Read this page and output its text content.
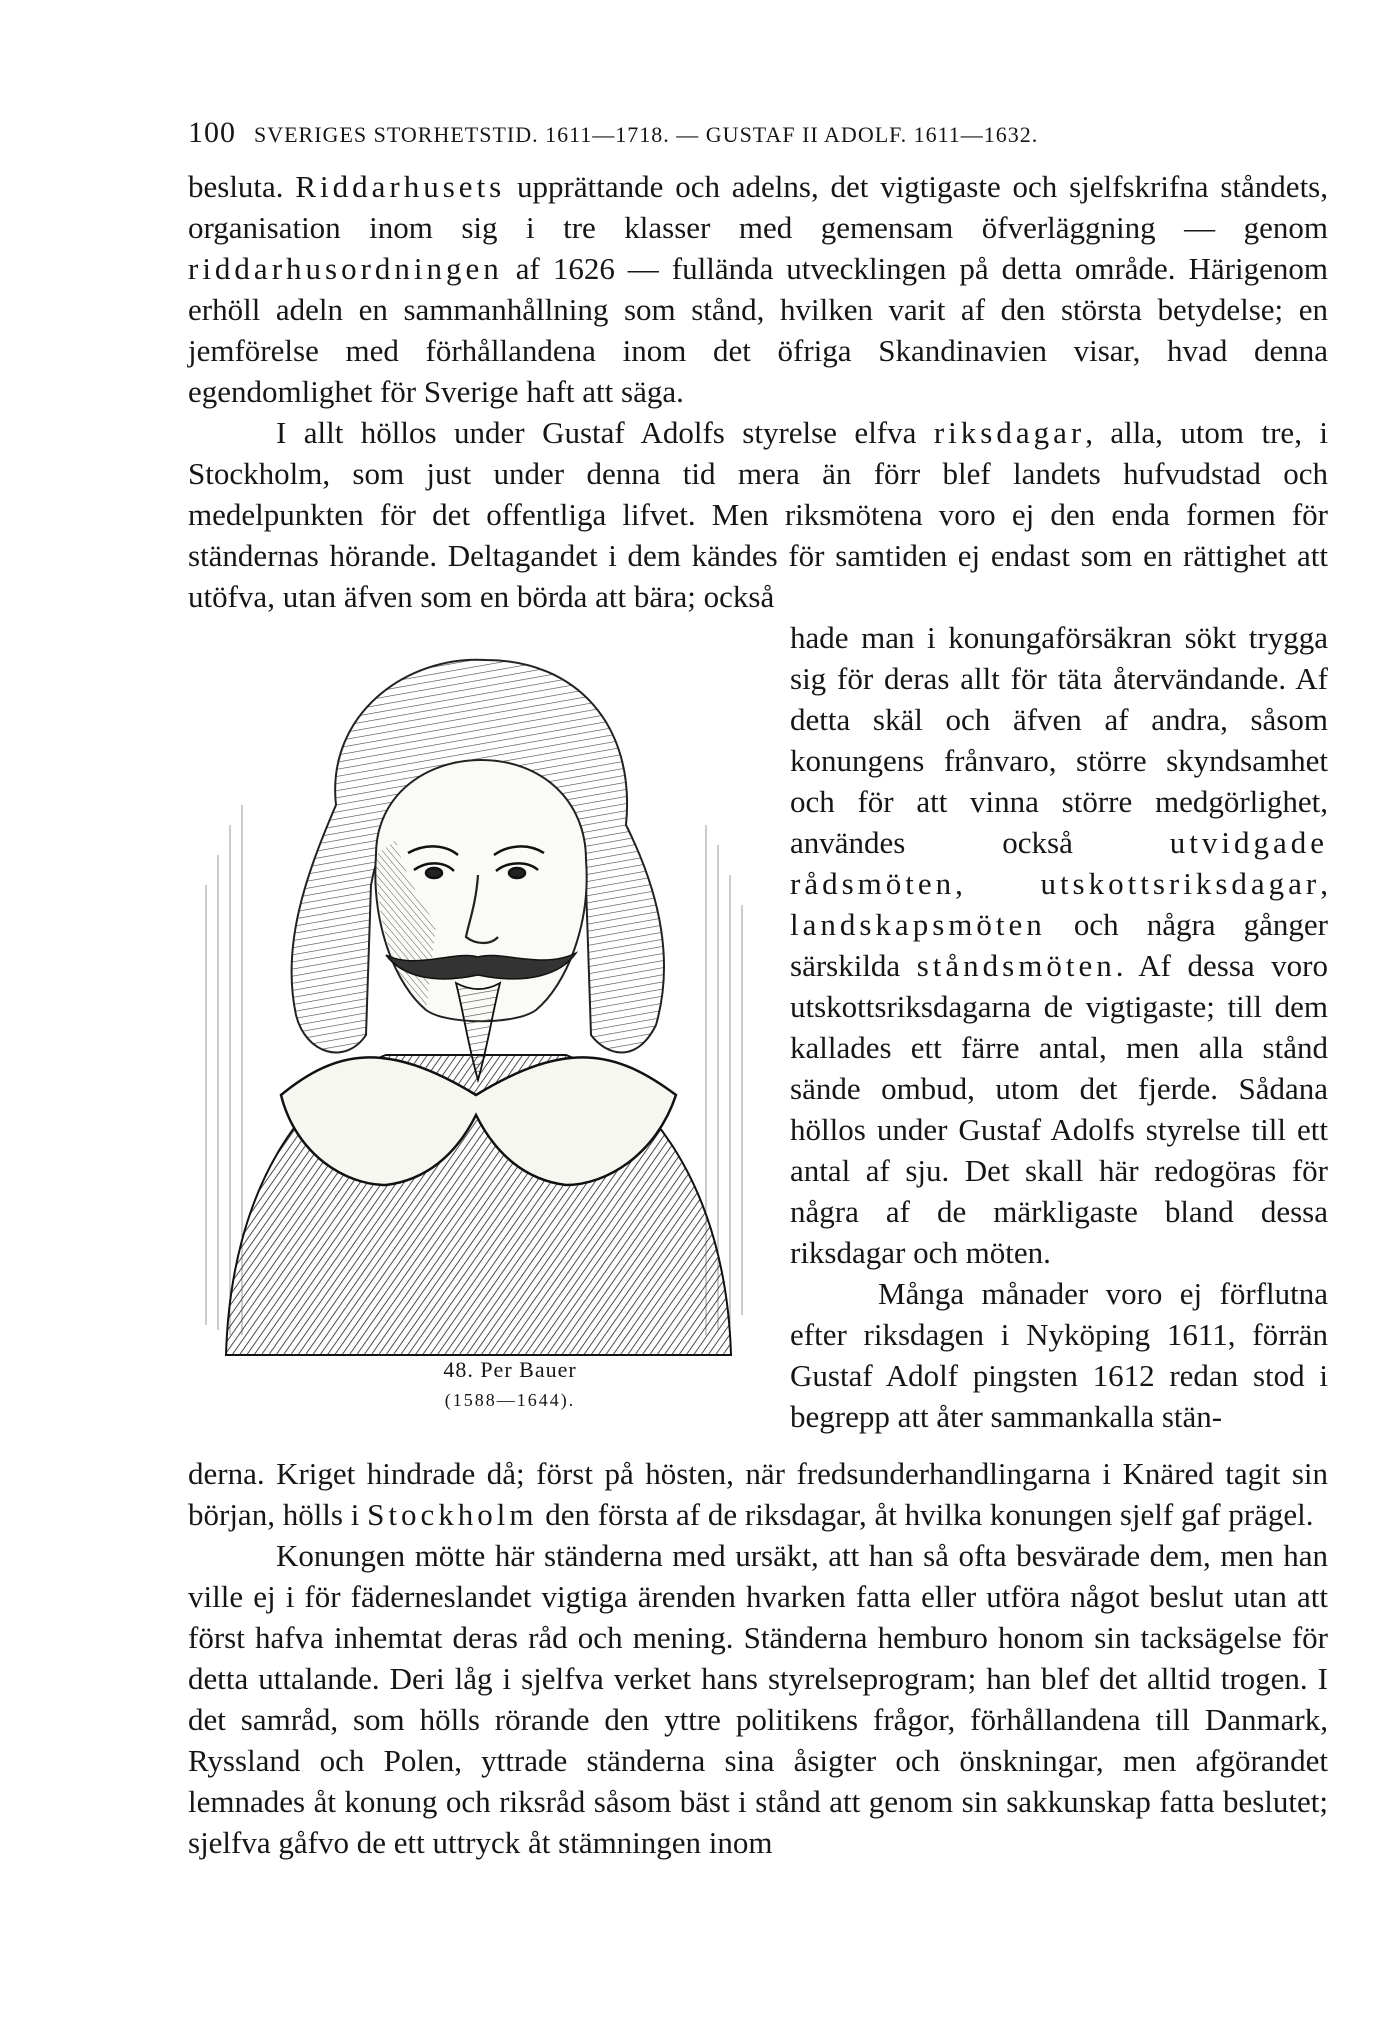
100 SVERIGES STORHETSTID. 1611—1718. — GUSTAF II ADOLF. 1611—1632.

besluta. Riddarhusets upprättande och adelns, det vigtigaste och sjelfskrifna ståndets, organisation inom sig i tre klasser med gemensam öfverläggning — genom riddarhusordningen af 1626 — fullända utvecklingen på detta område. Härigenom erhöll adeln en sammanhållning som stånd, hvilken varit af den största betydelse; en jemförelse med förhållandena inom det öfriga Skandinavien visar, hvad denna egendomlighet för Sverige haft att säga.

I allt höllos under Gustaf Adolfs styrelse elfva riksdagar, alla, utom tre, i Stockholm, som just under denna tid mera än förr blef landets hufvudstad och medelpunkten för det offentliga lifvet. Men riksmötena voro ej den enda formen för ständernas hörande. Deltagandet i dem kändes för samtiden ej endast som en rättighet att utöfva, utan äfven som en börda att bära; också

hade man i konungaförsäkran sökt trygga sig för deras allt för täta återvändande. Af detta skäl och äfven af andra, såsom konungens frånvaro, större skyndsamhet och för att vinna större medgörlighet, användes också utvidgade rådsmöten, utskottsriksdagar, landskapsmöten och några gånger särskilda ståndsmöten. Af dessa voro utskottsriksdagarna de vigtigaste; till dem kallades ett färre antal, men alla stånd sände ombud, utom det fjerde. Sådana höllos under Gustaf Adolfs styrelse till ett antal af sju. Det skall här redogöras för några af de märkligaste bland dessa riksdagar och möten.

Många månader voro ej förflutna efter riksdagen i Nyköping 1611, förrän Gustaf Adolf pingsten 1612 redan stod i begrepp att åter sammankalla stän-

48. Per Bauer
(1588—1644).

derna. Kriget hindrade då; först på hösten, när fredsunderhandlingarna i Knäred tagit sin början, hölls i Stockholm den första af de riksdagar, åt hvilka konungen sjelf gaf prägel.

Konungen mötte här ständerna med ursäkt, att han så ofta besvärade dem, men han ville ej i för fäderneslandet vigtiga ärenden hvarken fatta eller utföra något beslut utan att först hafva inhemtat deras råd och mening. Ständerna hemburo honom sin tacksägelse för detta uttalande. Deri låg i sjelfva verket hans styrelseprogram; han blef det alltid trogen. I det samråd, som hölls rörande den yttre politikens frågor, förhållandena till Danmark, Ryssland och Polen, yttrade ständerna sina åsigter och önskningar, men afgörandet lemnades åt konung och riksråd såsom bäst i stånd att genom sin sakkunskap fatta beslutet; sjelfva gåfvo de ett uttryck åt stämningen inom
